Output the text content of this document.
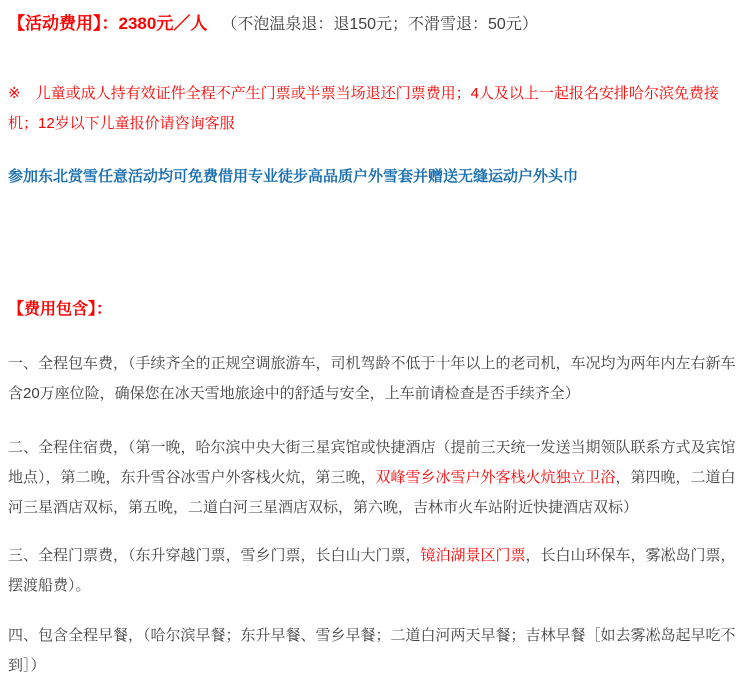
【活动费用】：2380元／人 （不泡温泉退：退150元；不滑雪退：50元）

※　儿童或成人持有效证件全程不产生门票或半票当场退还门票费用；4人及以上一起报名安排哈尔滨免费接机；12岁以下儿童报价请咨询客服

参加东北赏雪任意活动均可免费借用专业徒步高品质户外雪套并赠送无缝运动户外头巾

【费用包含】：

一、全程包车费，（手续齐全的正规空调旅游车，司机驾龄不低于十年以上的老司机，车况均为两年内左右新车含20万座位险，确保您在冰天雪地旅途中的舒适与安全，上车前请检查是否手续齐全）

二、全程住宿费，（第一晚，哈尔滨中央大街三星宾馆或快捷酒店（提前三天统一发送当期领队联系方式及宾馆地点），第二晚，东升雪谷冰雪户外客栈火炕，第三晚，双峰雪乡冰雪户外客栈火炕独立卫浴，第四晚，二道白河三星酒店双标，第五晚，二道白河三星酒店双标，第六晚，吉林市火车站附近快捷酒店双标）

三、全程门票费，（东升穿越门票，雪乡门票，长白山大门票，镜泊湖景区门票，长白山环保车，雾凇岛门票，摆渡船费）。

四、包含全程早餐，（哈尔滨早餐；东升早餐、雪乡早餐；二道白河两天早餐；吉林早餐［如去雾凇岛起早吃不到］）
